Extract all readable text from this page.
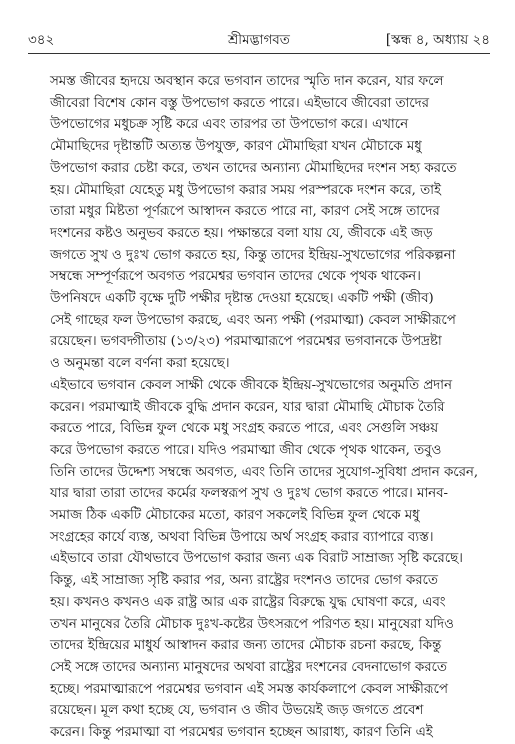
৩৪২	শ্রীমদ্ভাগবত	[স্কন্ধ ৪, অধ্যায় ২৪

সমস্ত জীবের হৃদয়ে অবস্থান করে ভগবান তাদের স্মৃতি দান করেন, যার ফলে
জীবেরা বিশেষ কোন বস্তু উপভোগ করতে পারে। এইভাবে জীবেরা তাদের
উপভোগের মধুচক্র সৃষ্টি করে এবং তারপর তা উপভোগ করে। এখানে
মৌমাছিদের দৃষ্টান্তটি অত্যন্ত উপযুক্ত, কারণ মৌমাছিরা যখন মৌচাকে মধু
উপভোগ করার চেষ্টা করে, তখন তাদের অন্যান্য মৌমাছিদের দংশন সহ্য করতে
হয়। মৌমাছিরা যেহেতু মধু উপভোগ করার সময় পরস্পরকে দংশন করে, তাই
তারা মধুর মিষ্টতা পূর্ণরূপে আস্বাদন করতে পারে না, কারণ সেই সঙ্গে তাদের
দংশনের কষ্টও অনুভব করতে হয়। পক্ষান্তরে বলা যায় যে, জীবকে এই জড়
জগতে সুখ ও দুঃখ ভোগ করতে হয়, কিন্তু তাদের ইন্দ্রিয়-সুখভোগের পরিকল্পনা
সম্বন্ধে সম্পূর্ণরূপে অবগত পরমেশ্বর ভগবান তাদের থেকে পৃথক থাকেন।
উপনিষদে একটি বৃক্ষে দুটি পক্ষীর দৃষ্টান্ত দেওয়া হয়েছে। একটি পক্ষী (জীব)
সেই গাছের ফল উপভোগ করছে, এবং অন্য পক্ষী (পরমাত্মা) কেবল সাক্ষীরূপে
রয়েছেন। ভগবদ্গীতায় (১৩/২৩) পরমাত্মারূপে পরমেশ্বর ভগবানকে উপদ্রষ্টা
ও অনুমন্তা বলে বর্ণনা করা হয়েছে।

এইভাবে ভগবান কেবল সাক্ষী থেকে জীবকে ইন্দ্রিয়-সুখভোগের অনুমতি প্রদান
করেন। পরমাত্মাই জীবকে বুদ্ধি প্রদান করেন, যার দ্বারা মৌমাছি মৌচাক তৈরি
করতে পারে, বিভিন্ন ফুল থেকে মধু সংগ্রহ করতে পারে, এবং সেগুলি সঞ্চয়
করে উপভোগ করতে পারে। যদিও পরমাত্মা জীব থেকে পৃথক থাকেন, তবুও
তিনি তাদের উদ্দেশ্য সম্বন্ধে অবগত, এবং তিনি তাদের সুযোগ-সুবিধা প্রদান করেন,
যার দ্বারা তারা তাদের কর্মের ফলস্বরূপ সুখ ও দুঃখ ভোগ করতে পারে। মানব-
সমাজ ঠিক একটি মৌচাকের মতো, কারণ সকলেই বিভিন্ন ফুল থেকে মধু
সংগ্রহের কার্যে ব্যস্ত, অথবা বিভিন্ন উপায়ে অর্থ সংগ্রহ করার ব্যাপারে ব্যস্ত।
এইভাবে তারা যৌথভাবে উপভোগ করার জন্য এক বিরাট সাম্রাজ্য সৃষ্টি করেছে।
কিন্তু, এই সাম্রাজ্য সৃষ্টি করার পর, অন্য রাষ্ট্রের দংশনও তাদের ভোগ করতে
হয়। কখনও কখনও এক রাষ্ট্র আর এক রাষ্ট্রের বিরুদ্ধে যুদ্ধ ঘোষণা করে, এবং
তখন মানুষের তৈরি মৌচাক দুঃখ-কষ্টের উৎসরূপে পরিণত হয়। মানুষেরা যদিও
তাদের ইন্দ্রিয়ের মাধুর্য আস্বাদন করার জন্য তাদের মৌচাক রচনা করছে, কিন্তু
সেই সঙ্গে তাদের অন্যান্য মানুষদের অথবা রাষ্ট্রের দংশনের বেদনাভোগ করতে
হচ্ছে। পরমাত্মারূপে পরমেশ্বর ভগবান এই সমস্ত কার্যকলাপে কেবল সাক্ষীরূপে
রয়েছেন। মূল কথা হচ্ছে যে, ভগবান ও জীব উভয়েই জড় জগতে প্রবেশ
করেন। কিন্তু পরমাত্মা বা পরমেশ্বর ভগবান হচ্ছেন আরাধ্য, কারণ তিনি এই
